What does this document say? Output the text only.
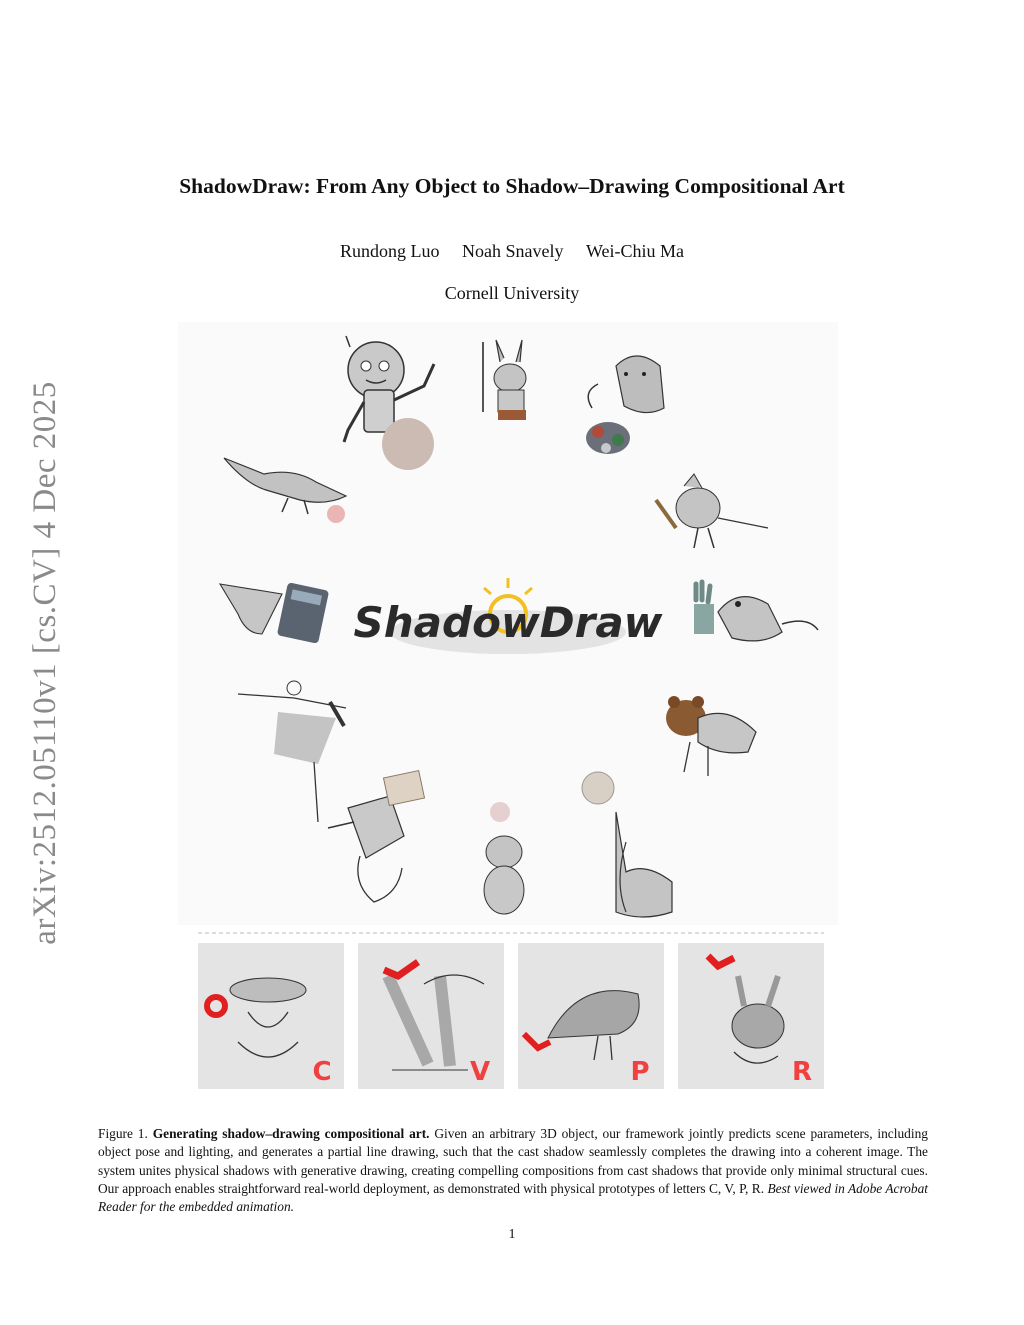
arXiv:2512.05110v1 [cs.CV] 4 Dec 2025
ShadowDraw: From Any Object to Shadow–Drawing Compositional Art
Rundong Luo Noah Snavely Wei-Chiu Ma
Cornell University
ShadowDraw
C	V	P	R
Figure 1. Generating shadow–drawing compositional art. Given an arbitrary 3D object, our framework jointly predicts scene parameters, including object pose and lighting, and generates a partial line drawing, such that the cast shadow seamlessly completes the drawing into a coherent image. The system unites physical shadows with generative drawing, creating compelling compositions from cast shadows that provide only minimal structural cues. Our approach enables straightforward real-world deployment, as demonstrated with physical prototypes of letters C, V, P, R. Best viewed in Adobe Acrobat Reader for the embedded animation.
1
